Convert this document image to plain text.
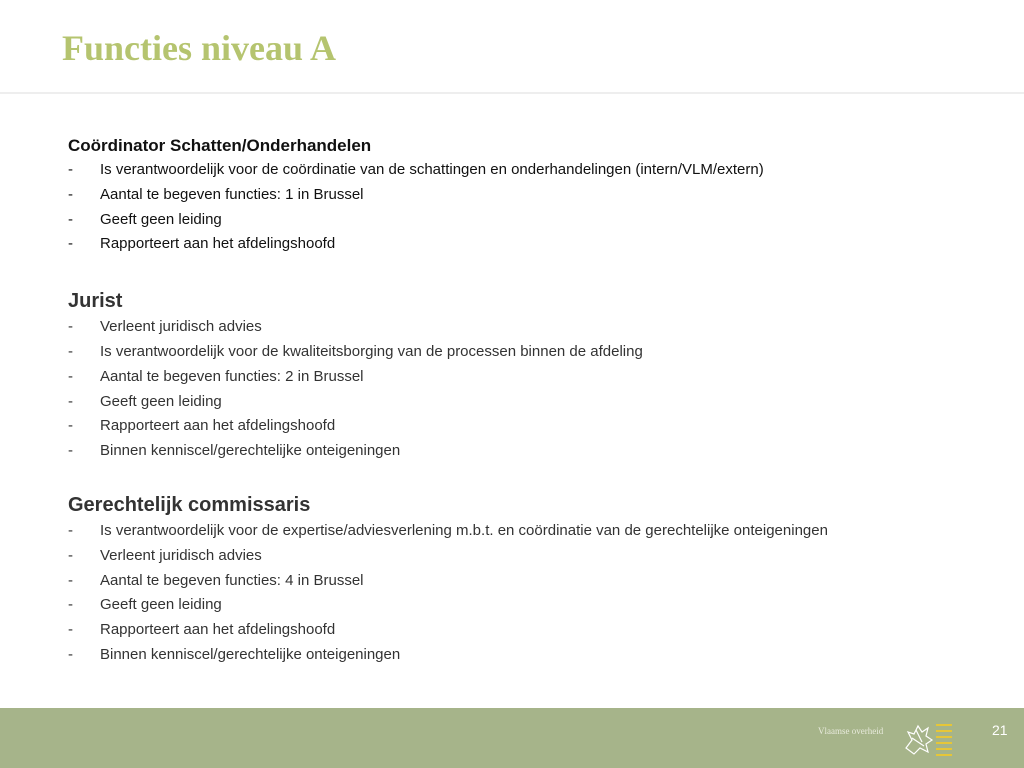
Functies niveau A
Coördinator Schatten/Onderhandelen
- Is verantwoordelijk voor de coördinatie van de schattingen en onderhandelingen (intern/VLM/extern)
- Aantal te begeven functies: 1 in Brussel
- Geeft geen leiding
- Rapporteert aan het afdelingshoofd
Jurist
- Verleent juridisch advies
- Is verantwoordelijk voor de kwaliteitsborging van de processen binnen de afdeling
- Aantal te begeven functies: 2 in Brussel
- Geeft geen leiding
- Rapporteert aan het afdelingshoofd
- Binnen kenniscel/gerechtelijke onteigeningen
Gerechtelijk commissaris
- Is verantwoordelijk voor de expertise/adviesverlening m.b.t. en coördinatie van de gerechtelijke onteigeningen
- Verleent juridisch advies
- Aantal te begeven functies: 4 in Brussel
- Geeft geen leiding
- Rapporteert aan het afdelingshoofd
- Binnen kenniscel/gerechtelijke onteigeningen
Vlaamse overheid	21
